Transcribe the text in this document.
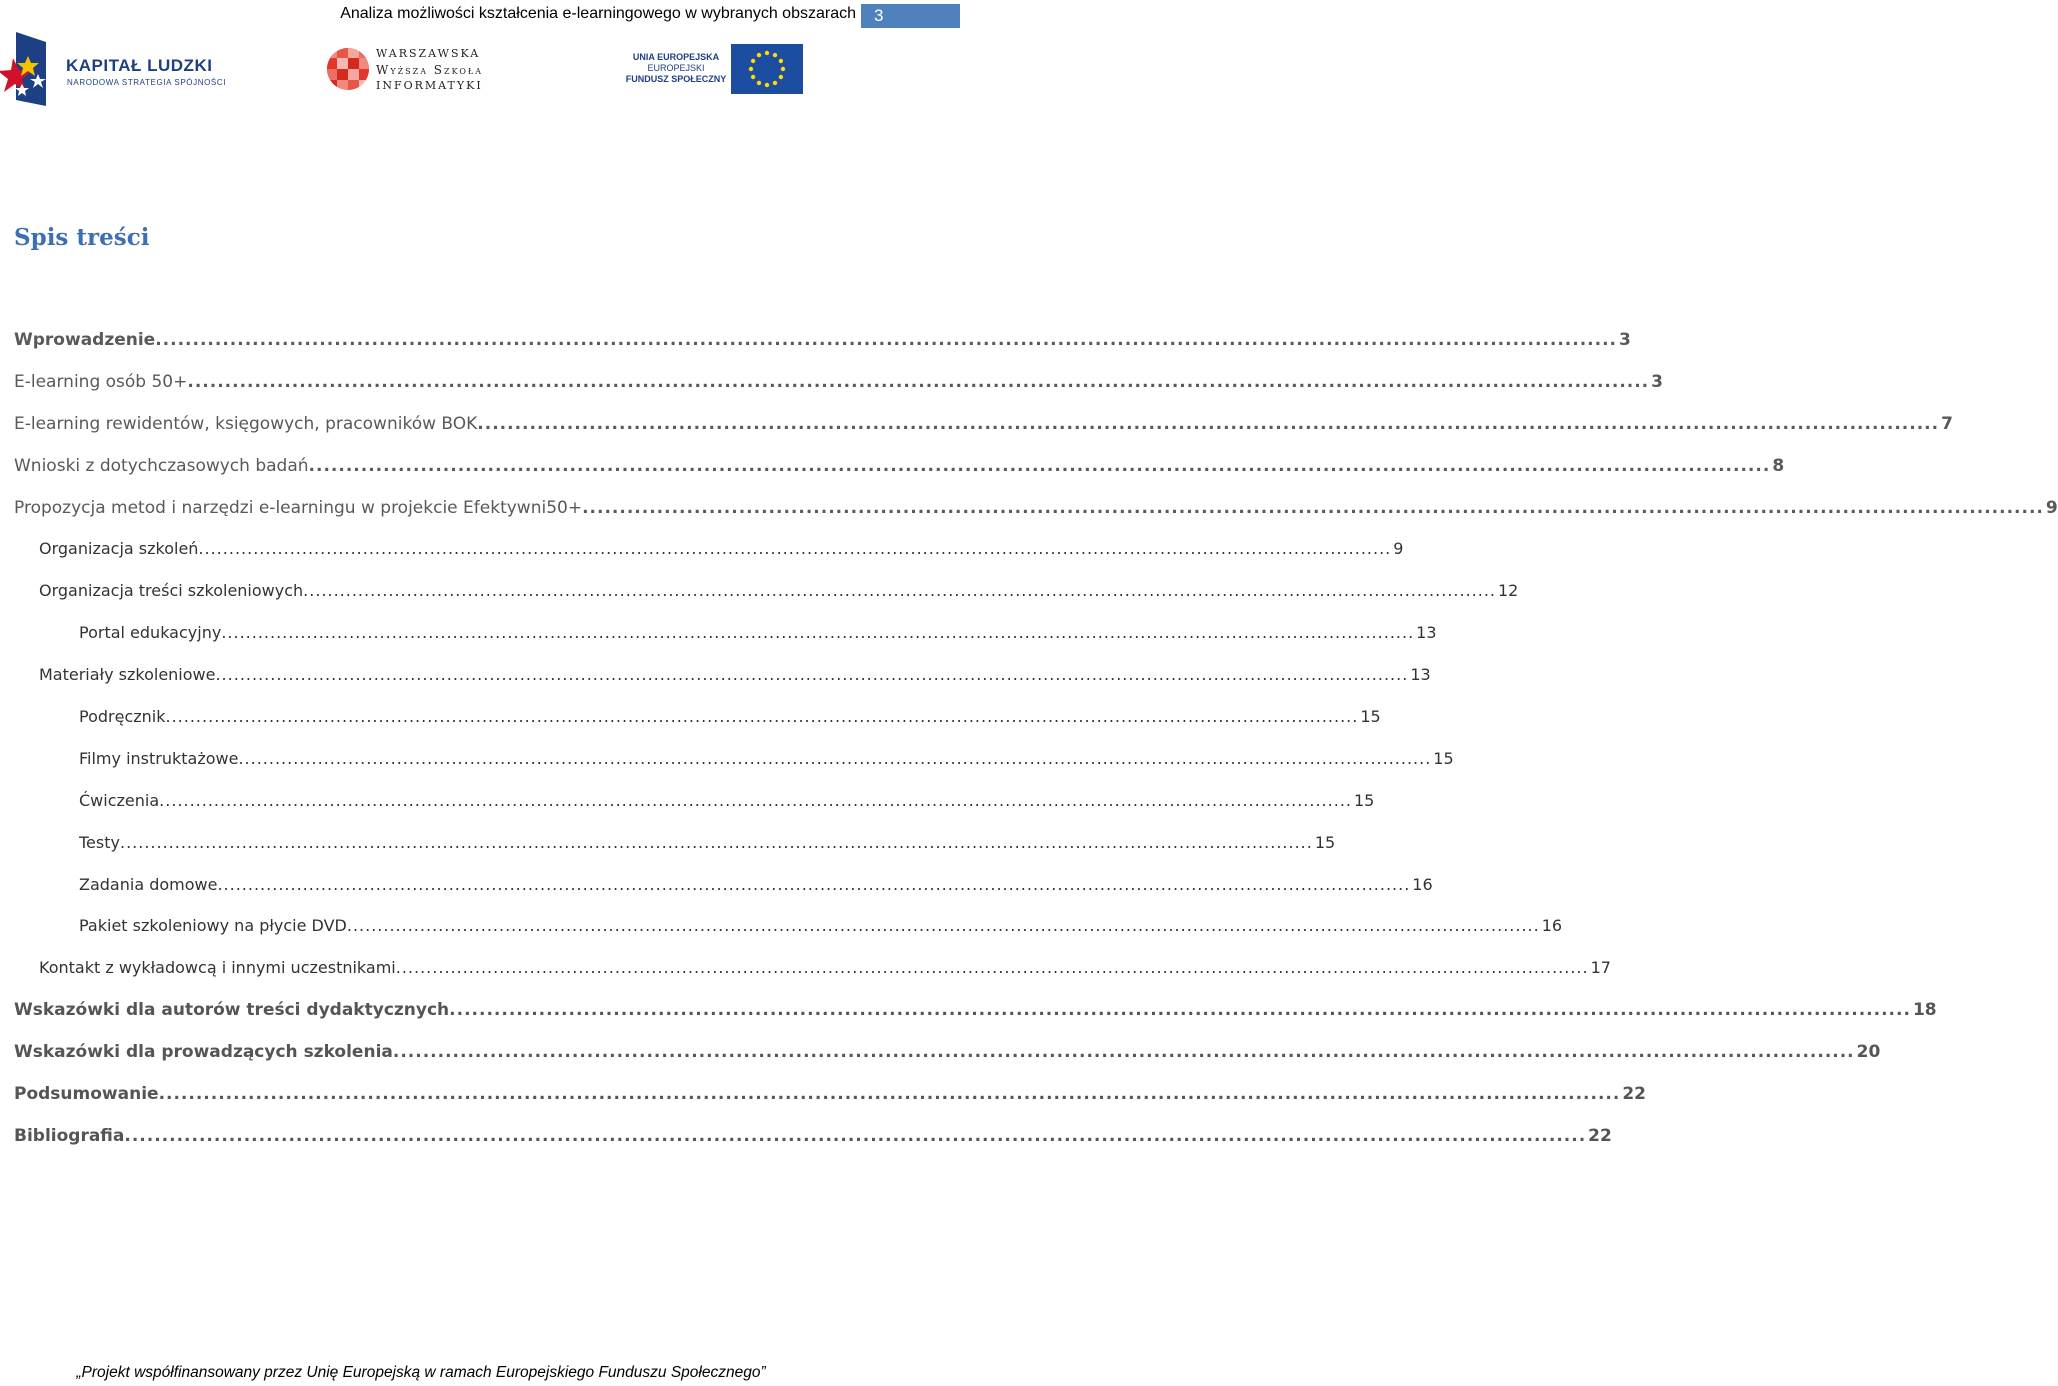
Analiza możliwości kształcenia e-learningowego w wybranych obszarach	3
KAPITAŁ LUDZKI
NARODOWA STRATEGIA SPÓJNOŚCI
WARSZAWSKA
Wyższa Szkoła
INFORMATYKI
UNIA EUROPEJSKA
EUROPEJSKI
FUNDUSZ SPOŁECZNY
Spis treści
Wprowadzenie .................................................................................................................................................................................................... 3
E-learning osób 50+ .................................................................................................................................................................................................... 3
E-learning rewidentów, księgowych, pracowników BOK .................................................................................................................................................................................................... 7
Wnioski z dotychczasowych badań .................................................................................................................................................................................................... 8
Propozycja metod i narzędzi e-learningu w projekcie Efektywni50+ .................................................................................................................................................................................................... 9
Organizacja szkoleń .................................................................................................................................................................................................... 9
Organizacja treści szkoleniowych .................................................................................................................................................................................................... 12
Portal edukacyjny .................................................................................................................................................................................................... 13
Materiały szkoleniowe .................................................................................................................................................................................................... 13
Podręcznik .................................................................................................................................................................................................... 15
Filmy instruktażowe .................................................................................................................................................................................................... 15
Ćwiczenia .................................................................................................................................................................................................... 15
Testy .................................................................................................................................................................................................... 15
Zadania domowe .................................................................................................................................................................................................... 16
Pakiet szkoleniowy na płycie DVD .................................................................................................................................................................................................... 16
Kontakt z wykładowcą i innymi uczestnikami .................................................................................................................................................................................................... 17
Wskazówki dla autorów treści dydaktycznych .................................................................................................................................................................................................... 18
Wskazówki dla prowadzących szkolenia .................................................................................................................................................................................................... 20
Podsumowanie .................................................................................................................................................................................................... 22
Bibliografia .................................................................................................................................................................................................... 22
„Projekt współfinansowany przez Unię Europejską w ramach Europejskiego Funduszu Społecznego”
